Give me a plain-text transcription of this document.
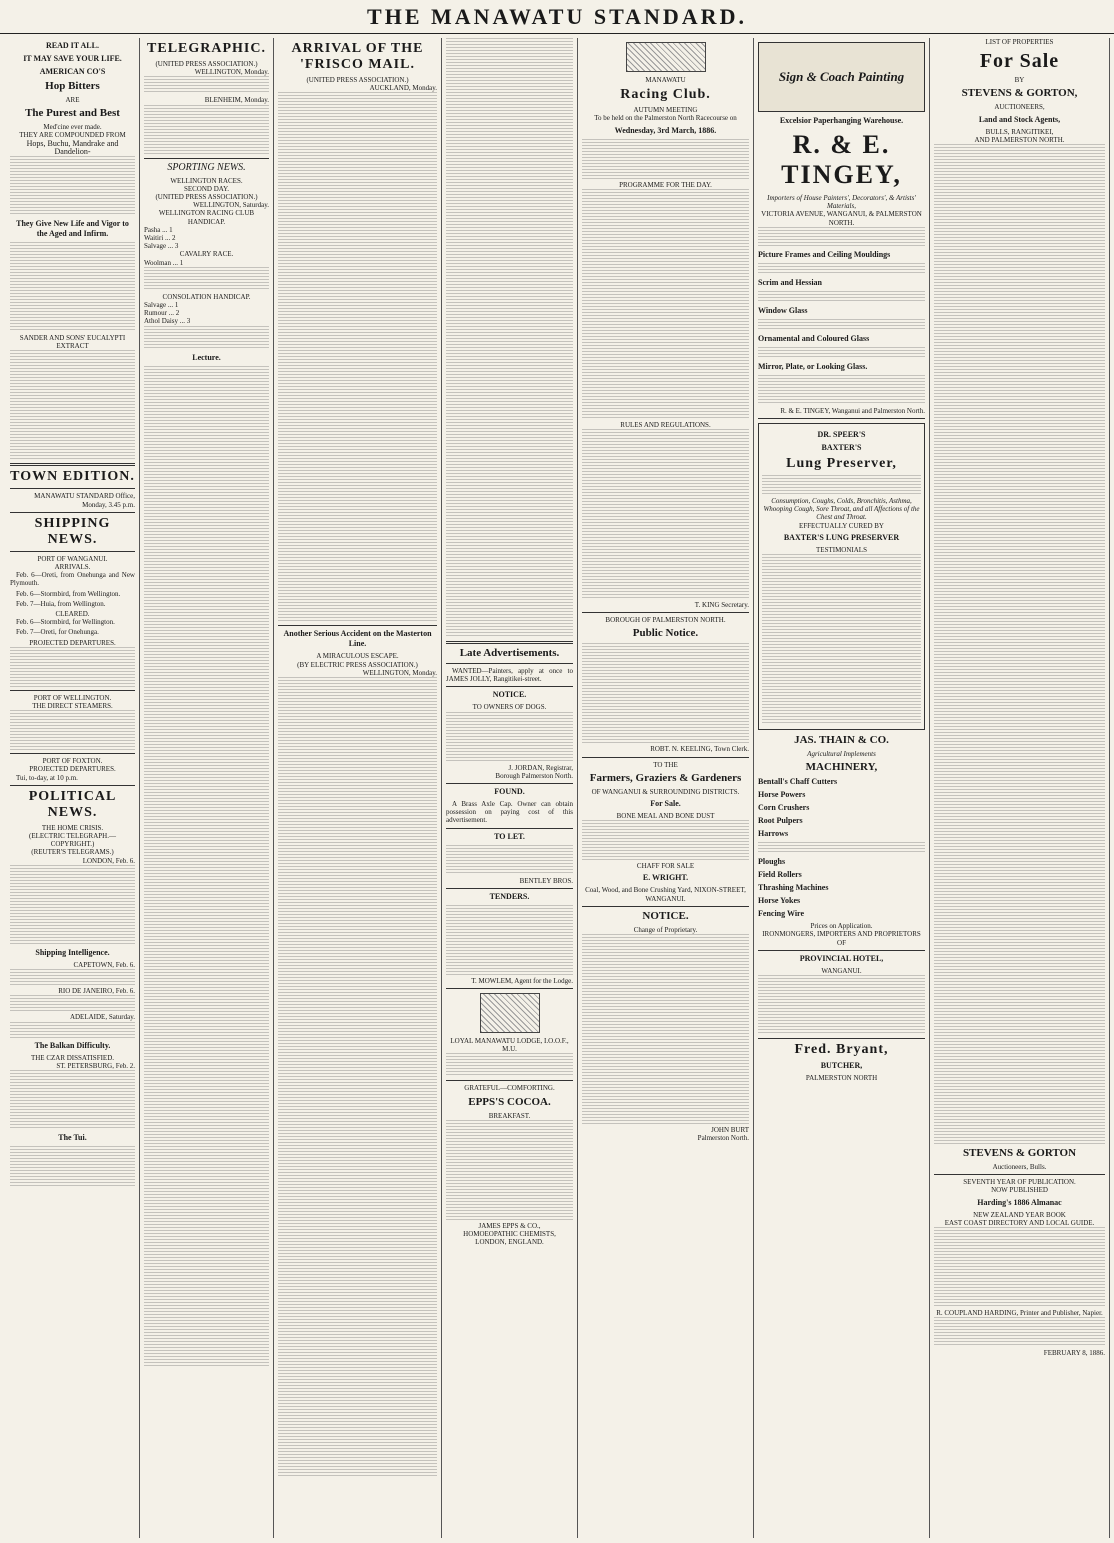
THE MANAWATU STANDARD.
READ IT ALL.
IT MAY SAVE YOUR LIFE.
AMERICAN CO'S
Hop Bitters
ARE
The Purest and Best
Med'cine ever made.
THEY ARE COMPOUNDED FROM
Hops, Buchu, Mandrake and Dandelion-
They Give New Life and Vigor to the Aged and Infirm.
SANDER AND SONS' EUCALYPTI EXTRACT
TOWN EDITION.
MANAWATU STANDARD Office, Monday, 3.45 p.m.
SHIPPING NEWS.
PORT OF WANGANUI.
ARRIVALS.

Feb. 6—Oreti, from Onehunga and New Plymouth.

Feb. 6—Stormbird, from Wellington.

Feb. 7—Huia, from Wellington.

CLEARED.

Feb. 6—Stormbird, for Wellington.

Feb. 7—Oreti, for Onehunga.

PROJECTED DEPARTURES.
PORT OF WELLINGTON.
THE DIRECT STEAMERS.
PORT OF FOXTON.
PROJECTED DEPARTURES.

Tui, to-day, at 10 p.m.

POLITICAL NEWS.
THE HOME CRISIS.
(ELECTRIC TELEGRAPH.—COPYRIGHT.)
(REUTER'S TELEGRAMS.)
LONDON, Feb. 6.
Shipping Intelligence.
CAPETOWN, Feb. 6.
RIO DE JANEIRO, Feb. 6.
ADELAIDE, Saturday.
The Balkan Difficulty.
THE CZAR DISSATISFIED.
ST. PETERSBURG, Feb. 2.
The Tui.
TELEGRAPHIC.
(UNITED PRESS ASSOCIATION.)
WELLINGTON, Monday.
BLENHEIM, Monday.
SPORTING NEWS.
WELLINGTON RACES.
SECOND DAY.
(UNITED PRESS ASSOCIATION.)
WELLINGTON, Saturday.
WELLINGTON RACING CLUB HANDICAP.
Pasha ... 1
Waitiri ... 2
Salvage ... 3
CAVALRY RACE.
Woolman ... 1
CONSOLATION HANDICAP.
Salvage ... 1
Rumour ... 2
Athol Daisy ... 3
Lecture.
ARRIVAL OF THE 'FRISCO MAIL.
(UNITED PRESS ASSOCIATION.)
AUCKLAND, Monday.
Another Serious Accident on the Masterton Line.
A MIRACULOUS ESCAPE.
(BY ELECTRIC PRESS ASSOCIATION.)
WELLINGTON, Monday.
Late Advertisements.

WANTED—Painters, apply at once to JAMES JOLLY, Rangitikei-street.

NOTICE.
TO OWNERS OF DOGS.
J. JORDAN, Registrar,
Borough Palmerston North.
FOUND.

A Brass Axle Cap. Owner can obtain possession on paying cost of this advertisement.

TO LET.
BENTLEY BROS.
TENDERS.
T. MOWLEM, Agent for the Lodge.
LOYAL MANAWATU LODGE, I.O.O.F., M.U.
GRATEFUL—COMFORTING.
EPPS'S COCOA.
BREAKFAST.
JAMES EPPS & CO.,
HOMOEOPATHIC CHEMISTS,
LONDON, ENGLAND.
MANAWATU
Racing Club.
AUTUMN MEETING
To be held on the Palmerston North Racecourse on
Wednesday, 3rd March, 1886.
PROGRAMME FOR THE DAY.
RULES AND REGULATIONS.
T. KING Secretary.
BOROUGH OF PALMERSTON NORTH.
Public Notice.
ROBT. N. KEELING, Town Clerk.
TO THE
Farmers, Graziers & Gardeners
OF WANGANUI & SURROUNDING DISTRICTS.
For Sale.
BONE MEAL AND BONE DUST
CHAFF FOR SALE
E. WRIGHT.
Coal, Wood, and Bone Crushing Yard, NIXON-STREET, WANGANUI.
NOTICE.
Change of Proprietary.
JOHN BURT
Palmerston North.
Sign & Coach Painting
Excelsior Paperhanging Warehouse.
R. & E. TINGEY,
Importers of House Painters', Decorators', & Artists' Materials,
VICTORIA AVENUE, WANGANUI, & PALMERSTON NORTH.
Picture Frames and Ceiling Mouldings
Scrim and Hessian
Window Glass
Ornamental and Coloured Glass
Mirror, Plate, or Looking Glass.
R. & E. TINGEY, Wanganui and Palmerston North.
DR. SPEER'S
BAXTER'S
Lung Preserver,
Consumption, Coughs, Colds, Bronchitis, Asthma, Whooping Cough, Sore Throat, and all Affections of the Chest and Throat.
EFFECTUALLY CURED BY
BAXTER'S LUNG PRESERVER
TESTIMONIALS
JAS. THAIN & CO.
Agricultural Implements
MACHINERY,
Bentall's Chaff Cutters
Horse Powers
Corn Crushers
Root Pulpers
Harrows
Ploughs
Field Rollers
Thrashing Machines
Horse Yokes
Fencing Wire
Prices on Application.
IRONMONGERS, IMPORTERS AND PROPRIETORS OF
PROVINCIAL HOTEL,
WANGANUI.
Fred. Bryant,
BUTCHER,
PALMERSTON NORTH
LIST OF PROPERTIES
For Sale
BY
STEVENS & GORTON,
AUCTIONEERS,
Land and Stock Agents,
BULLS, RANGITIKEI,
AND PALMERSTON NORTH.
STEVENS & GORTON
Auctioneers, Bulls.
SEVENTH YEAR OF PUBLICATION.
NOW PUBLISHED
Harding's 1886 Almanac
NEW ZEALAND YEAR BOOK
EAST COAST DIRECTORY AND LOCAL GUIDE.
R. COUPLAND HARDING, Printer and Publisher, Napier.
FEBRUARY 8, 1886.
